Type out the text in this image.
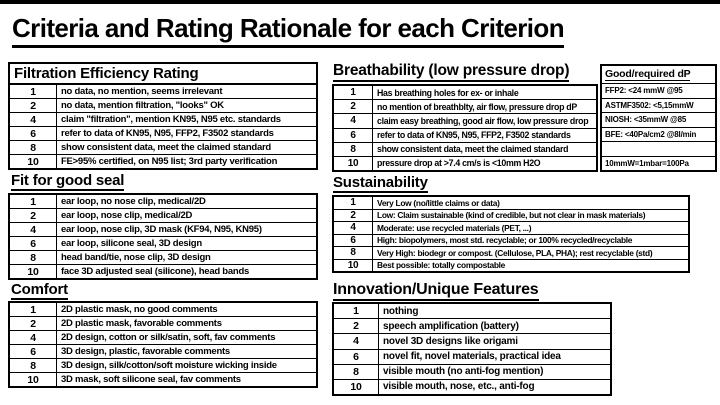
Criteria and Rating Rationale for each Criterion
Filtration Efficiency Rating
1	no data, no mention, seems irrelevant
2	no data, mention filtration, "looks" OK
4	claim "filtration", mention KN95, N95 etc. standards
6	refer to data of KN95, N95, FFP2, F3502 standards
8	show consistent data, meet the claimed standard
10	FE>95% certified, on N95 list; 3rd party verification
Fit for good seal
1	ear loop, no nose clip, medical/2D
2	ear loop, nose clip, medical/2D
4	ear loop, nose clip, 3D mask (KF94, N95, KN95)
6	ear loop, silicone seal, 3D design
8	head band/tie, nose clip, 3D design
10	face 3D adjusted seal (silicone), head bands
Comfort
1	2D plastic mask, no good comments
2	2D plastic mask, favorable comments
4	2D design, cotton or silk/satin, soft, fav comments
6	3D design, plastic, favorable comments
8	3D design, silk/cotton/soft moisture wicking inside
10	3D mask, soft silicone seal, fav comments
Breathability (low pressure drop)
1	Has breathing holes for ex- or inhale
2	no mention of breathblty, air flow, pressure drop dP
4	claim easy breathing, good air flow, low pressure drop
6	refer to data of KN95, N95, FFP2, F3502 standards
8	show consistent data, meet the claimed standard
10	pressure drop at >7.4 cm/s is <10mm H2O
Good/required dP
FFP2: <24 mmW @95
ASTMF3502: <5,15mmW
NIOSH: <35mmW @85
BFE: <40Pa/cm2 @8l/min
10mmW=1mbar=100Pa
Sustainability
1	Very Low (no/little claims or data)
2	Low: Claim sustainable (kind of credible, but not clear in mask materials)
4	Moderate: use recycled materials (PET, ...)
6	High: biopolymers, most std. recyclable; or 100% recycled/recyclable
8	Very High: biodegr or compost. (Cellulose, PLA, PHA); rest recyclable (std)
10	Best possible: totally compostable
Innovation/Unique Features
1	nothing
2	speech amplification (battery)
4	novel 3D designs like origami
6	novel fit, novel materials, practical idea
8	visible mouth (no anti-fog mention)
10	visible mouth, nose, etc., anti-fog
